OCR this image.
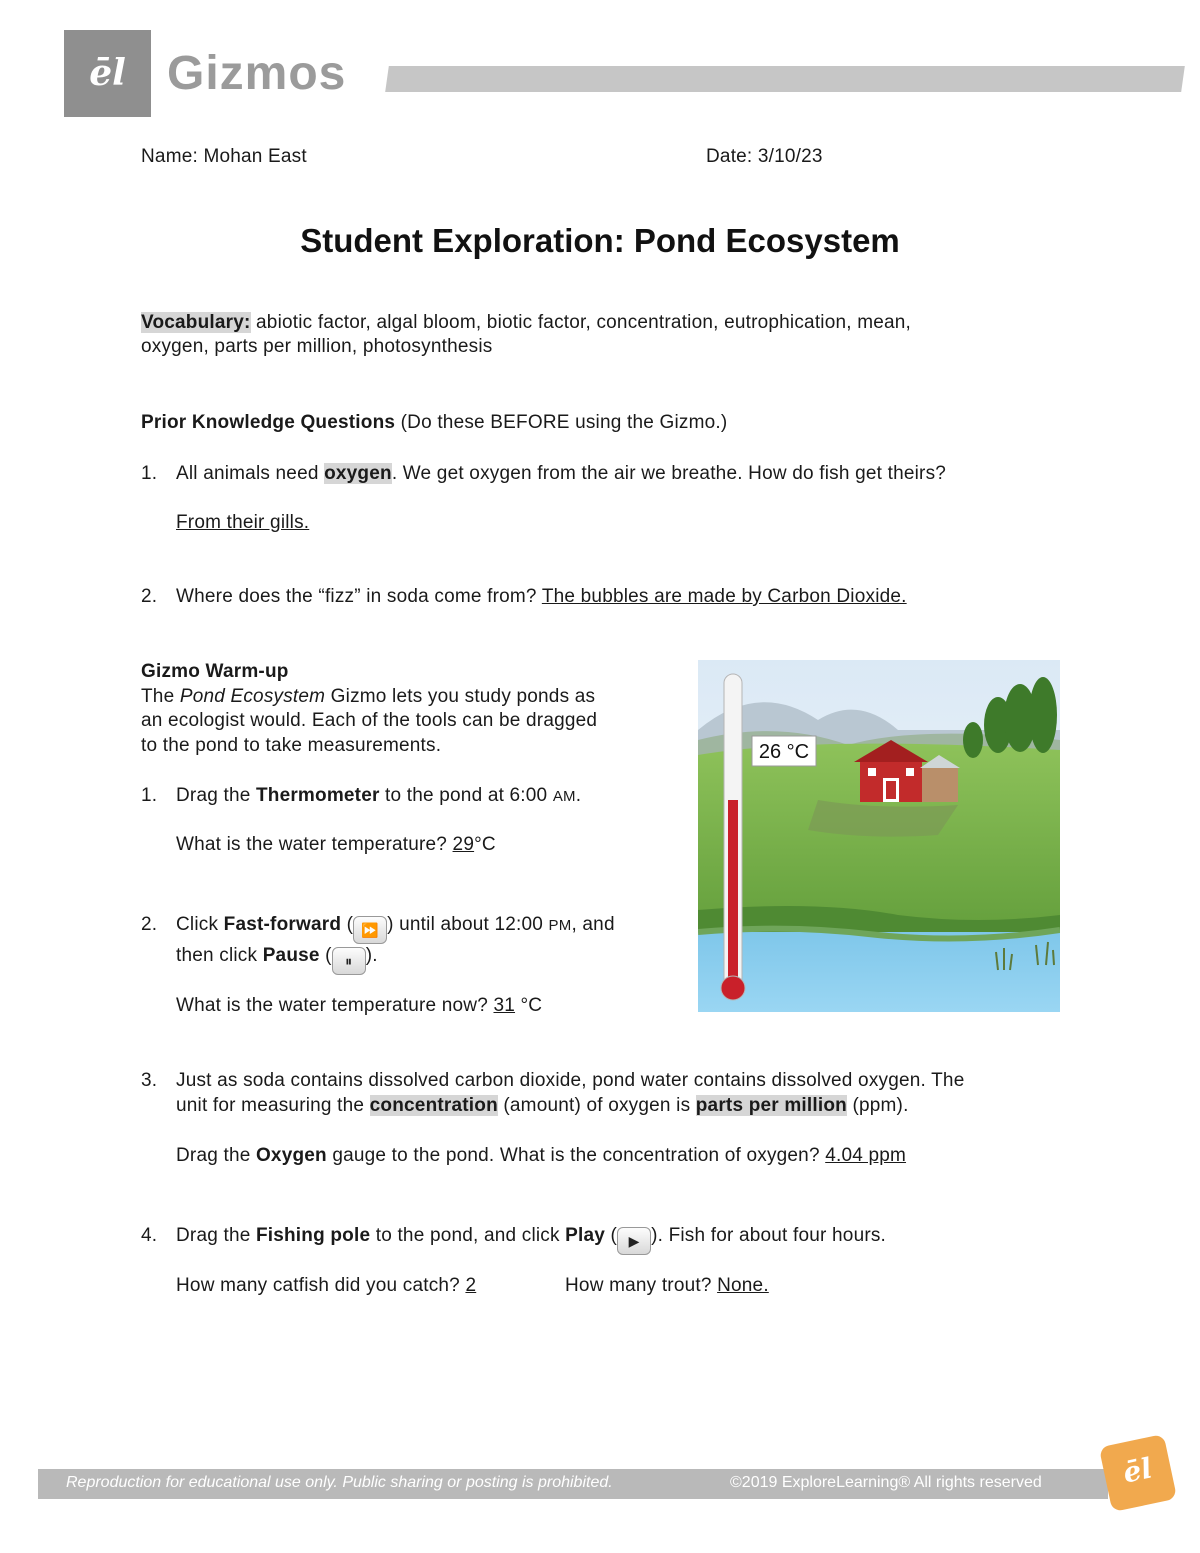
ēl Gizmos
Name: Mohan East	Date: 3/10/23
Student Exploration: Pond Ecosystem
Vocabulary: abiotic factor, algal bloom, biotic factor, concentration, eutrophication, mean,
oxygen, parts per million, photosynthesis
Prior Knowledge Questions (Do these BEFORE using the Gizmo.)
1. All animals need oxygen. We get oxygen from the air we breathe. How do fish get theirs?
From their gills.
2. Where does the “fizz” in soda come from? The bubbles are made by Carbon Dioxide.
Gizmo Warm-up
The Pond Ecosystem Gizmo lets you study ponds as
an ecologist would. Each of the tools can be dragged
to the pond to take measurements.
1. Drag the Thermometer to the pond at 6:00 AM.
What is the water temperature? 29°C
2. Click Fast-forward ( ⏩ ) until about 12:00 PM, and
then click Pause ( ⏸ ).
What is the water temperature now? 31 °C
26 °C
3. Just as soda contains dissolved carbon dioxide, pond water contains dissolved oxygen. The
unit for measuring the concentration (amount) of oxygen is parts per million (ppm).
Drag the Oxygen gauge to the pond. What is the concentration of oxygen? 4.04 ppm
4. Drag the Fishing pole to the pond, and click Play ( ▶ ). Fish for about four hours.
How many catfish did you catch? 2	How many trout? None.
Reproduction for educational use only. Public sharing or posting is prohibited.	©2019 ExploreLearning® All rights reserved	ēl
